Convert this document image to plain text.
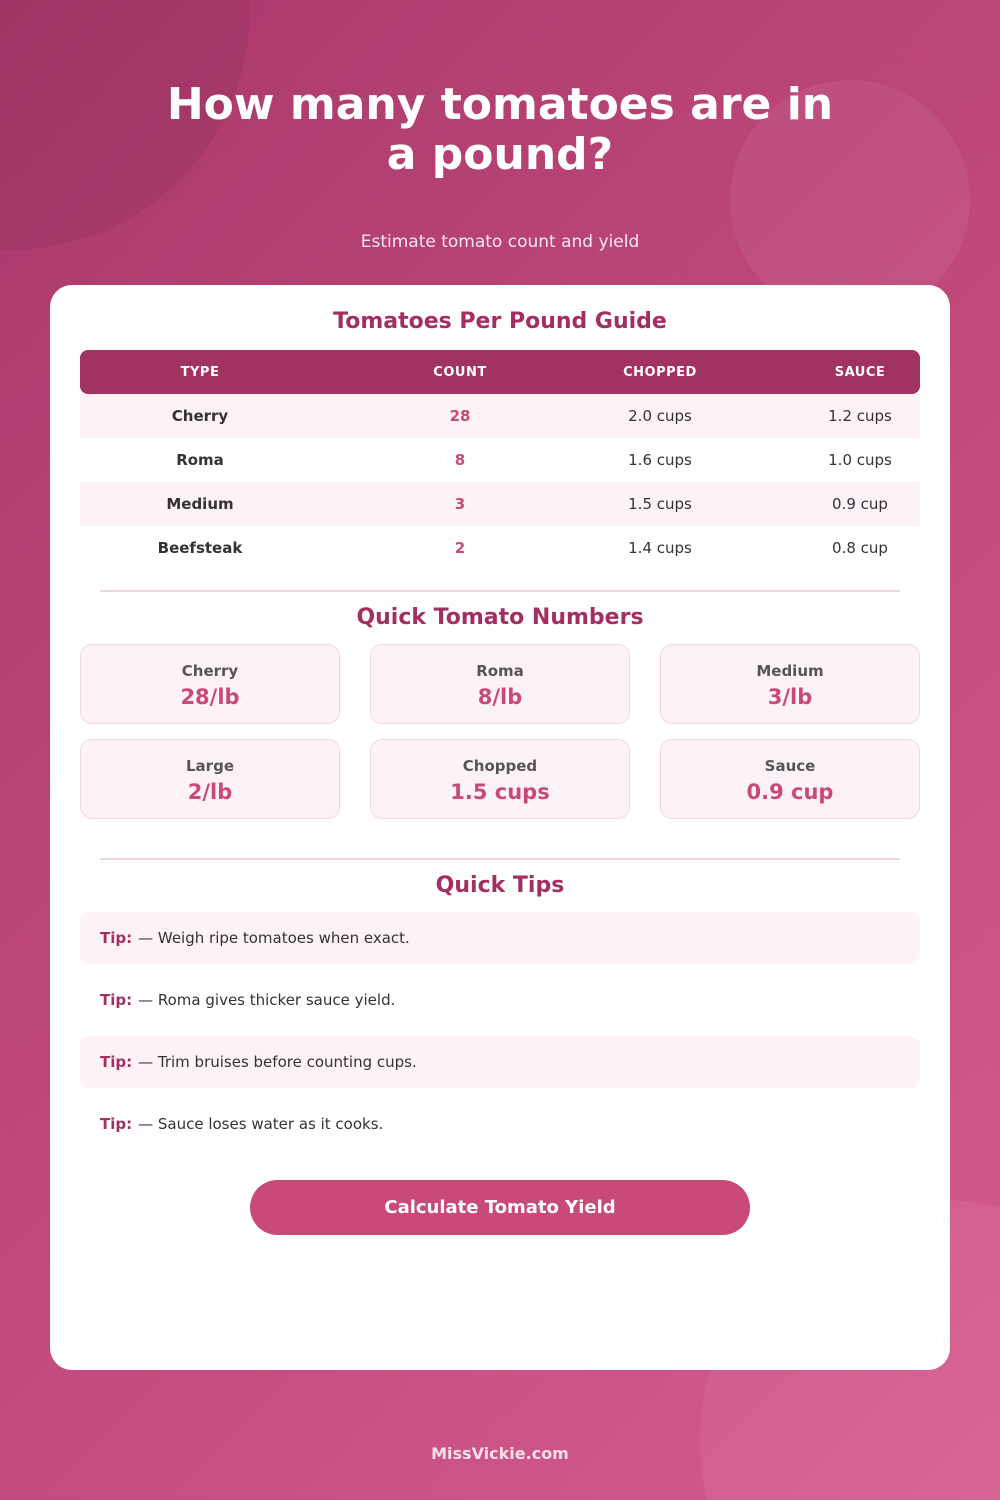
How many tomatoes are in a pound?
Estimate tomato count and yield
Tomatoes Per Pound Guide
TYPE	COUNT	CHOPPED	SAUCE
Cherry	28	2.0 cups	1.2 cups
Roma	8	1.6 cups	1.0 cups
Medium	3	1.5 cups	0.9 cup
Beefsteak	2	1.4 cups	0.8 cup
Quick Tomato Numbers
Cherry
28/lb
Roma
8/lb
Medium
3/lb
Large
2/lb
Chopped
1.5 cups
Sauce
0.9 cup
Quick Tips
Tip: — Weigh ripe tomatoes when exact.
Tip: — Roma gives thicker sauce yield.
Tip: — Trim bruises before counting cups.
Tip: — Sauce loses water as it cooks.
Calculate Tomato Yield
MissVickie.com
